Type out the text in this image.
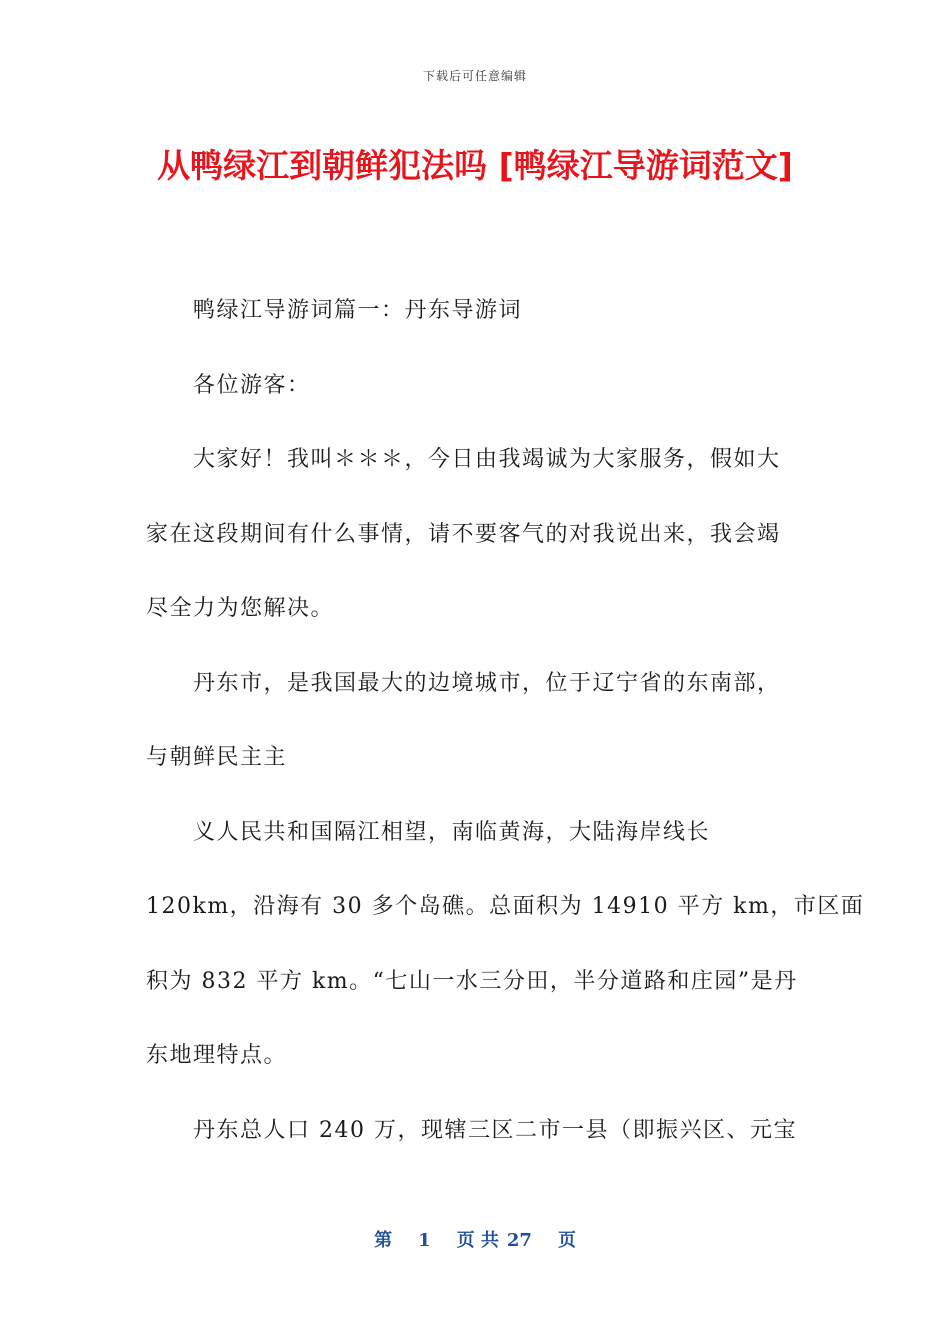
下载后可任意编辑
从鸭绿江到朝鲜犯法吗 [鸭绿江导游词范文]
鸭绿江导游词篇一：丹东导游词
各位游客：
大家好！我叫＊＊＊，今日由我竭诚为大家服务，假如大
家在这段期间有什么事情，请不要客气的对我说出来，我会竭
尽全力为您解决。
丹东市，是我国最大的边境城市，位于辽宁省的东南部，
与朝鲜民主主
义人民共和国隔江相望，南临黄海，大陆海岸线长
120km，沿海有 30 多个岛礁。总面积为 14910 平方 km，市区面
积为 832 平方 km。“七山一水三分田，半分道路和庄园”是丹
东地理特点。
丹东总人口 240 万，现辖三区二市一县（即振兴区、元宝
第 1 页 共 27 页
